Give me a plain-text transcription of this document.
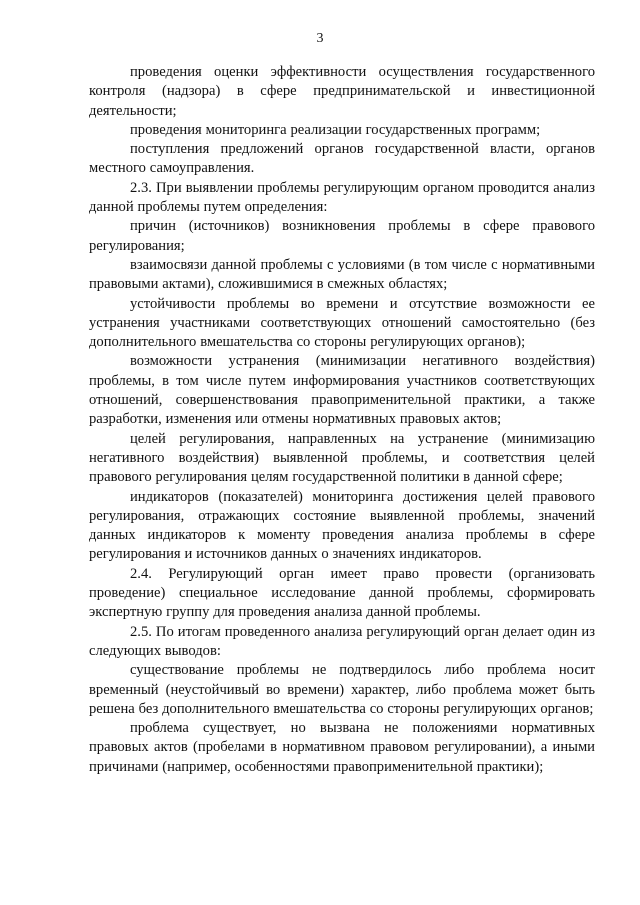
3

проведения оценки эффективности осуществления государственного контроля (надзора) в сфере предпринимательской и инвестиционной деятельности;

проведения мониторинга реализации государственных программ;

поступления предложений органов государственной власти, органов местного самоуправления.

2.3. При выявлении проблемы регулирующим органом проводится анализ данной проблемы путем определения:

причин (источников) возникновения проблемы в сфере правового регулирования;

взаимосвязи данной проблемы с условиями (в том числе с нормативными правовыми актами), сложившимися в смежных областях;

устойчивости проблемы во времени и отсутствие возможности ее устранения участниками соответствующих отношений самостоятельно (без дополнительного вмешательства со стороны регулирующих органов);

возможности устранения (минимизации негативного воздействия) проблемы, в том числе путем информирования участников соответствующих отношений, совершенствования правоприменительной практики, а также разработки, изменения или отмены нормативных правовых актов;

целей регулирования, направленных на устранение (минимизацию негативного воздействия) выявленной проблемы, и соответствия целей правового регулирования целям государственной политики в данной сфере;

индикаторов (показателей) мониторинга достижения целей правового регулирования, отражающих состояние выявленной проблемы, значений данных индикаторов к моменту проведения анализа проблемы в сфере регулирования и источников данных о значениях индикаторов.

2.4. Регулирующий орган имеет право провести (организовать проведение) специальное исследование данной проблемы, сформировать экспертную группу для проведения анализа данной проблемы.

2.5. По итогам проведенного анализа регулирующий орган делает один из следующих выводов:

существование проблемы не подтвердилось либо проблема носит временный (неустойчивый во времени) характер, либо проблема может быть решена без дополнительного вмешательства со стороны регулирующих органов;

проблема существует, но вызвана не положениями нормативных правовых актов (пробелами в нормативном правовом регулировании), а иными причинами (например, особенностями правоприменительной практики);
